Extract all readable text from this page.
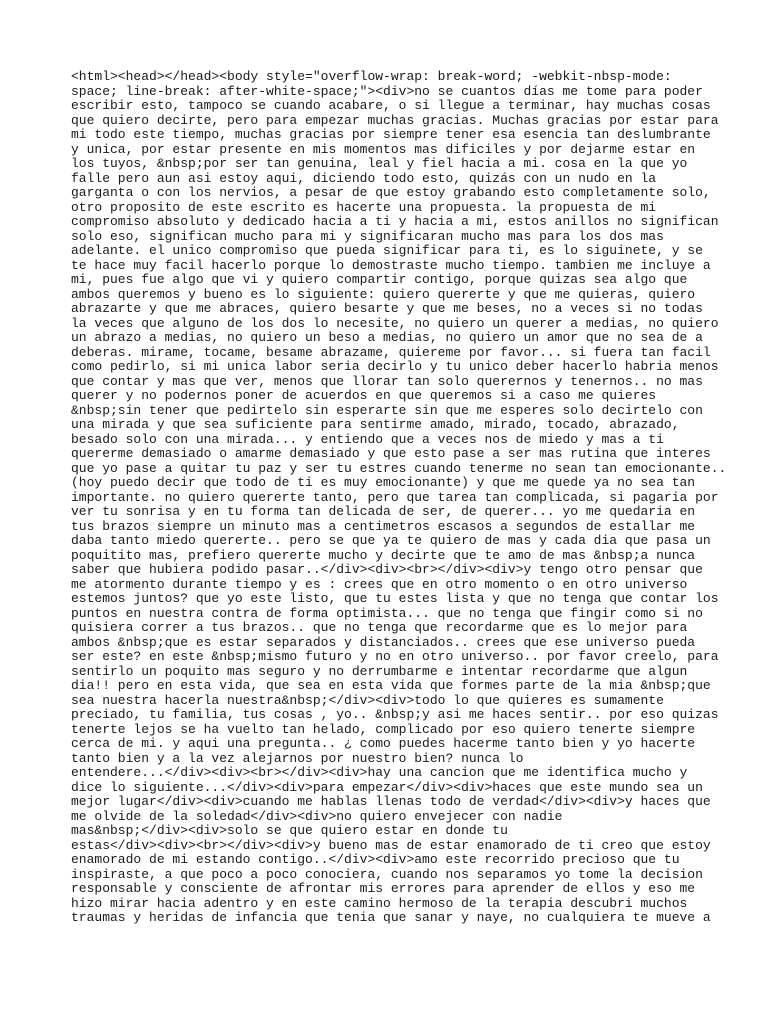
<html><head></head><body style="overflow-wrap: break-word; -webkit-nbsp-mode:
space; line-break: after-white-space;"><div>no se cuantos días me tome para poder
escribir esto, tampoco se cuando acabare, o si llegue a terminar, hay muchas cosas
que quiero decirte, pero para empezar muchas gracias. Muchas gracias por estar para
mi todo este tiempo, muchas gracias por siempre tener esa esencia tan deslumbrante
y unica, por estar presente en mis momentos mas dificiles y por dejarme estar en
los tuyos, &nbsp;por ser tan genuina, leal y fiel hacia a mi. cosa en la que yo
falle pero aun asi estoy aqui, diciendo todo esto, quizás con un nudo en la
garganta o con los nervios, a pesar de que estoy grabando esto completamente solo,
otro proposito de este escrito es hacerte una propuesta. la propuesta de mi
compromiso absoluto y dedicado hacia a ti y hacia a mi, estos anillos no significan
solo eso, significan mucho para mi y significaran mucho mas para los dos mas
adelante. el unico compromiso que pueda significar para ti, es lo siguinete, y se
te hace muy facil hacerlo porque lo demostraste mucho tiempo. tambien me incluye a
mi, pues fue algo que vi y quiero compartir contigo, porque quizas sea algo que
ambos queremos y bueno es lo siguiente: quiero quererte y que me quieras, quiero
abrazarte y que me abraces, quiero besarte y que me beses, no a veces si no todas
la veces que alguno de los dos lo necesite, no quiero un querer a medias, no quiero
un abrazo a medias, no quiero un beso a medias, no quiero un amor que no sea de a
deberas. mirame, tocame, besame abrazame, quiereme por favor... si fuera tan facil
como pedirlo, si mi unica labor seria decirlo y tu unico deber hacerlo habria menos
que contar y mas que ver, menos que llorar tan solo querernos y tenernos.. no mas
querer y no podernos poner de acuerdos en que queremos si a caso me quieres
&nbsp;sin tener que pedirtelo sin esperarte sin que me esperes solo decirtelo con
una mirada y que sea suficiente para sentirme amado, mirado, tocado, abrazado,
besado solo con una mirada... y entiendo que a veces nos de miedo y mas a ti
quererme demasiado o amarme demasiado y que esto pase a ser mas rutina que interes
que yo pase a quitar tu paz y ser tu estres cuando tenerme no sean tan emocionante..
(hoy puedo decir que todo de ti es muy emocionante) y que me quede ya no sea tan
importante. no quiero quererte tanto, pero que tarea tan complicada, si pagaria por
ver tu sonrisa y en tu forma tan delicada de ser, de querer... yo me quedaria en
tus brazos siempre un minuto mas a centimetros escasos a segundos de estallar me
daba tanto miedo quererte.. pero se que ya te quiero de mas y cada dia que pasa un
poquitito mas, prefiero quererte mucho y decirte que te amo de mas &nbsp;a nunca
saber que hubiera podido pasar..</div><div><br></div><div>y tengo otro pensar que
me atormento durante tiempo y es : crees que en otro momento o en otro universo
estemos juntos? que yo este listo, que tu estes lista y que no tenga que contar los
puntos en nuestra contra de forma optimista... que no tenga que fingir como si no
quisiera correr a tus brazos.. que no tenga que recordarme que es lo mejor para
ambos &nbsp;que es estar separados y distanciados.. crees que ese universo pueda
ser este? en este &nbsp;mismo futuro y no en otro universo.. por favor creelo, para
sentirlo un poquito mas seguro y no derrumbarme e intentar recordarme que algun
dia!! pero en esta vida, que sea en esta vida que formes parte de la mia &nbsp;que
sea nuestra hacerla nuestra&nbsp;</div><div>todo lo que quieres es sumamente
preciado, tu familia, tus cosas , yo.. &nbsp;y asi me haces sentir.. por eso quizas
tenerte lejos se ha vuelto tan helado, complicado por eso quiero tenerte siempre
cerca de mi. y aqui una pregunta.. ¿ como puedes hacerme tanto bien y yo hacerte
tanto bien y a la vez alejarnos por nuestro bien? nunca lo
entendere...</div><div><br></div><div>hay una cancion que me identifica mucho y
dice lo siguiente...</div><div>para empezar</div><div>haces que este mundo sea un
mejor lugar</div><div>cuando me hablas llenas todo de verdad</div><div>y haces que
me olvide de la soledad</div><div>no quiero envejecer con nadie
mas&nbsp;</div><div>solo se que quiero estar en donde tu
estas</div><div><br></div><div>y bueno mas de estar enamorado de ti creo que estoy
enamorado de mi estando contigo..</div><div>amo este recorrido precioso que tu
inspiraste, a que poco a poco conociera, cuando nos separamos yo tome la decision
responsable y consciente de afrontar mis errores para aprender de ellos y eso me
hizo mirar hacia adentro y en este camino hermoso de la terapia descubri muchos
traumas y heridas de infancia que tenia que sanar y naye, no cualquiera te mueve a
